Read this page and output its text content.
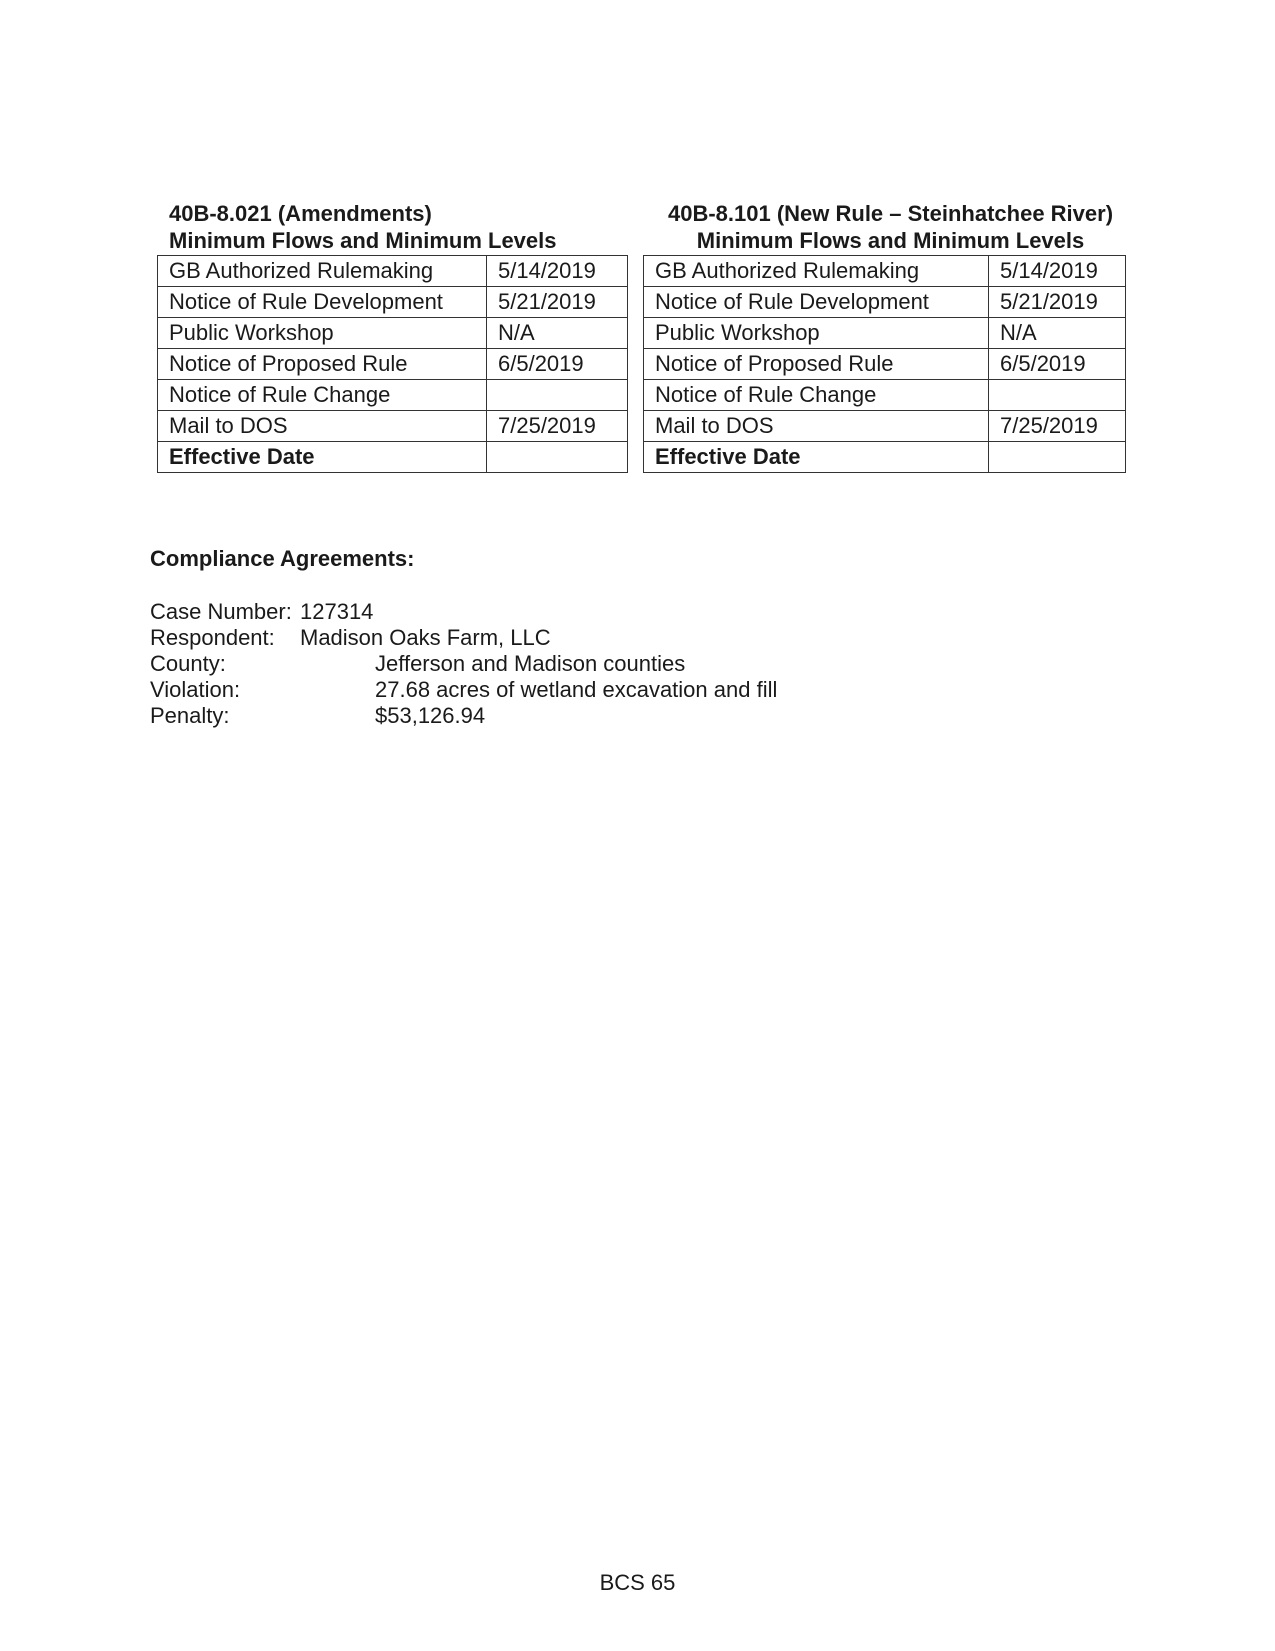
40B-8.021 (Amendments)
Minimum Flows and Minimum Levels
GB Authorized Rulemaking	5/14/2019
Notice of Rule Development	5/21/2019
Public Workshop	N/A
Notice of Proposed Rule	6/5/2019
Notice of Rule Change	
Mail to DOS	7/25/2019
Effective Date	
40B-8.101 (New Rule – Steinhatchee River)
Minimum Flows and Minimum Levels
GB Authorized Rulemaking	5/14/2019
Notice of Rule Development	5/21/2019
Public Workshop	N/A
Notice of Proposed Rule	6/5/2019
Notice of Rule Change	
Mail to DOS	7/25/2019
Effective Date	
Compliance Agreements:
Case Number: 127314
Respondent: Madison Oaks Farm, LLC
County:	Jefferson and Madison counties
Violation:	27.68 acres of wetland excavation and fill
Penalty:	$53,126.94
BCS 65
